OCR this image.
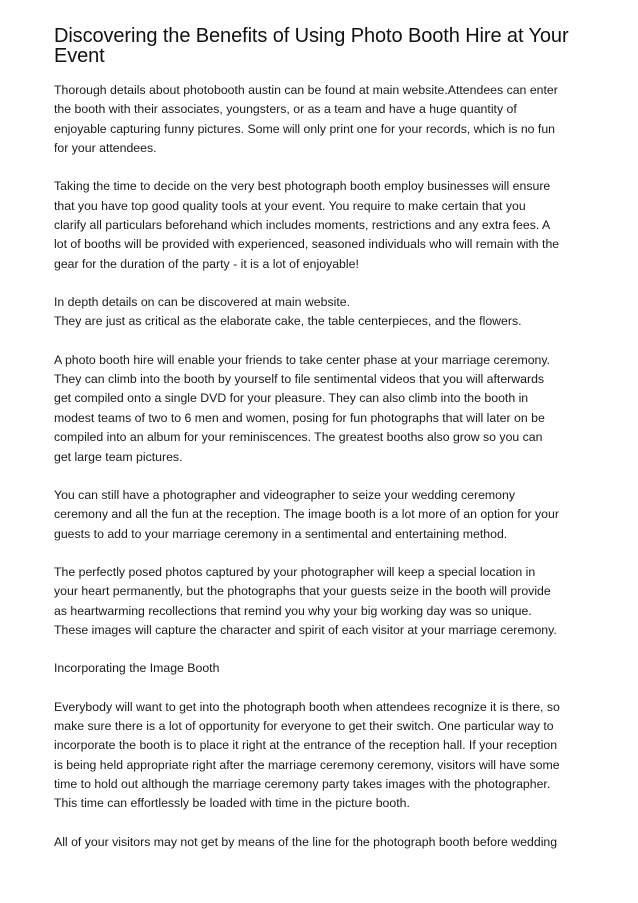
Discovering the Benefits of Using Photo Booth Hire at Your
Event

Thorough details about photobooth austin can be found at main website.Attendees can enter
the booth with their associates, youngsters, or as a team and have a huge quantity of
enjoyable capturing funny pictures. Some will only print one for your records, which is no fun
for your attendees.

Taking the time to decide on the very best photograph booth employ businesses will ensure
that you have top good quality tools at your event. You require to make certain that you
clarify all particulars beforehand which includes moments, restrictions and any extra fees. A
lot of booths will be provided with experienced, seasoned individuals who will remain with the
gear for the duration of the party - it is a lot of enjoyable!

In depth details on can be discovered at main website.
They are just as critical as the elaborate cake, the table centerpieces, and the flowers.

A photo booth hire will enable your friends to take center phase at your marriage ceremony.
They can climb into the booth by yourself to file sentimental videos that you will afterwards
get compiled onto a single DVD for your pleasure. They can also climb into the booth in
modest teams of two to 6 men and women, posing for fun photographs that will later on be
compiled into an album for your reminiscences. The greatest booths also grow so you can
get large team pictures.

You can still have a photographer and videographer to seize your wedding ceremony
ceremony and all the fun at the reception. The image booth is a lot more of an option for your
guests to add to your marriage ceremony in a sentimental and entertaining method.

The perfectly posed photos captured by your photographer will keep a special location in
your heart permanently, but the photographs that your guests seize in the booth will provide
as heartwarming recollections that remind you why your big working day was so unique.
These images will capture the character and spirit of each visitor at your marriage ceremony.

Incorporating the Image Booth

Everybody will want to get into the photograph booth when attendees recognize it is there, so
make sure there is a lot of opportunity for everyone to get their switch. One particular way to
incorporate the booth is to place it right at the entrance of the reception hall. If your reception
is being held appropriate right after the marriage ceremony ceremony, visitors will have some
time to hold out although the marriage ceremony party takes images with the photographer.
This time can effortlessly be loaded with time in the picture booth.

All of your visitors may not get by means of the line for the photograph booth before wedding
